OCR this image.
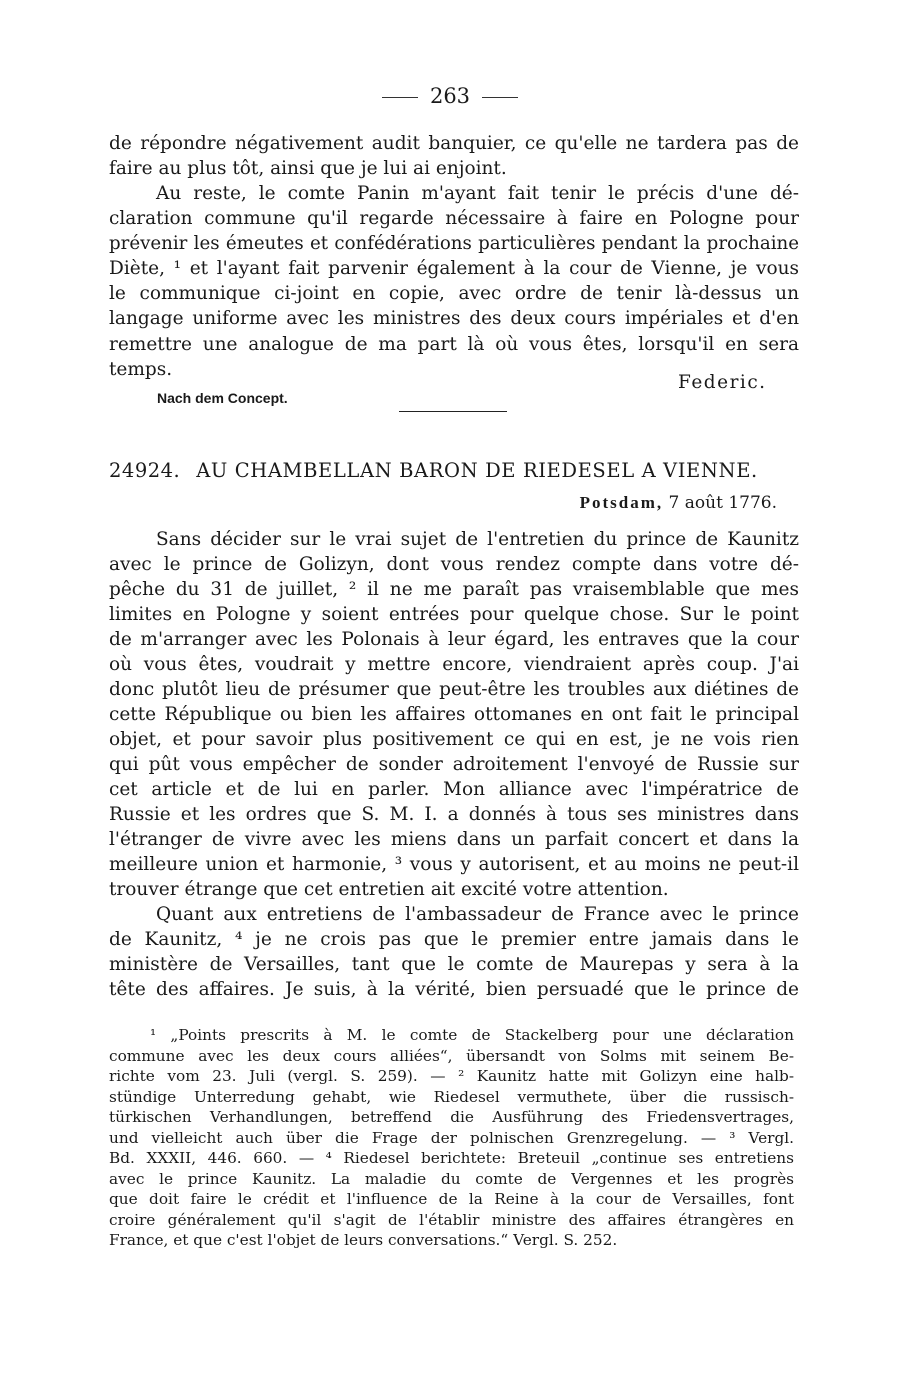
263
de répondre négativement audit banquier, ce qu'elle ne tardera pas de
faire au plus tôt, ainsi que je lui ai enjoint.
Au reste, le comte Panin m'ayant fait tenir le précis d'une dé-
claration commune qu'il regarde nécessaire à faire en Pologne pour
prévenir les émeutes et confédérations particulières pendant la prochaine
Diète, ¹ et l'ayant fait parvenir également à la cour de Vienne, je vous
le communique ci-joint en copie, avec ordre de tenir là-dessus un
langage uniforme avec les ministres des deux cours impériales et d'en
remettre une analogue de ma part là où vous êtes, lorsqu'il en sera
temps.
Federic.
Nach dem Concept.
24924. AU CHAMBELLAN BARON DE RIEDESEL A VIENNE.
Potsdam, 7 août 1776.
Sans décider sur le vrai sujet de l'entretien du prince de Kaunitz
avec le prince de Golizyn, dont vous rendez compte dans votre dé-
pêche du 31 de juillet, ² il ne me paraît pas vraisemblable que mes
limites en Pologne y soient entrées pour quelque chose. Sur le point
de m'arranger avec les Polonais à leur égard, les entraves que la cour
où vous êtes, voudrait y mettre encore, viendraient après coup. J'ai
donc plutôt lieu de présumer que peut-être les troubles aux diétines de
cette République ou bien les affaires ottomanes en ont fait le principal
objet, et pour savoir plus positivement ce qui en est, je ne vois rien
qui pût vous empêcher de sonder adroitement l'envoyé de Russie sur
cet article et de lui en parler. Mon alliance avec l'impératrice de
Russie et les ordres que S. M. I. a donnés à tous ses ministres dans
l'étranger de vivre avec les miens dans un parfait concert et dans la
meilleure union et harmonie, ³ vous y autorisent, et au moins ne peut-il
trouver étrange que cet entretien ait excité votre attention.
Quant aux entretiens de l'ambassadeur de France avec le prince
de Kaunitz, ⁴ je ne crois pas que le premier entre jamais dans le
ministère de Versailles, tant que le comte de Maurepas y sera à la
tête des affaires. Je suis, à la vérité, bien persuadé que le prince de
¹ „Points prescrits à M. le comte de Stackelberg pour une déclaration
commune avec les deux cours alliées“, übersandt von Solms mit seinem Be-
richte vom 23. Juli (vergl. S. 259). — ² Kaunitz hatte mit Golizyn eine halb-
stündige Unterredung gehabt, wie Riedesel vermuthete, über die russisch-
türkischen Verhandlungen, betreffend die Ausführung des Friedensvertrages,
und vielleicht auch über die Frage der polnischen Grenzregelung. — ³ Vergl.
Bd. XXXII, 446. 660. — ⁴ Riedesel berichtete: Breteuil „continue ses entretiens
avec le prince Kaunitz. La maladie du comte de Vergennes et les progrès
que doit faire le crédit et l'influence de la Reine à la cour de Versailles, font
croire généralement qu'il s'agit de l'établir ministre des affaires étrangères en
France, et que c'est l'objet de leurs conversations.“ Vergl. S. 252.
